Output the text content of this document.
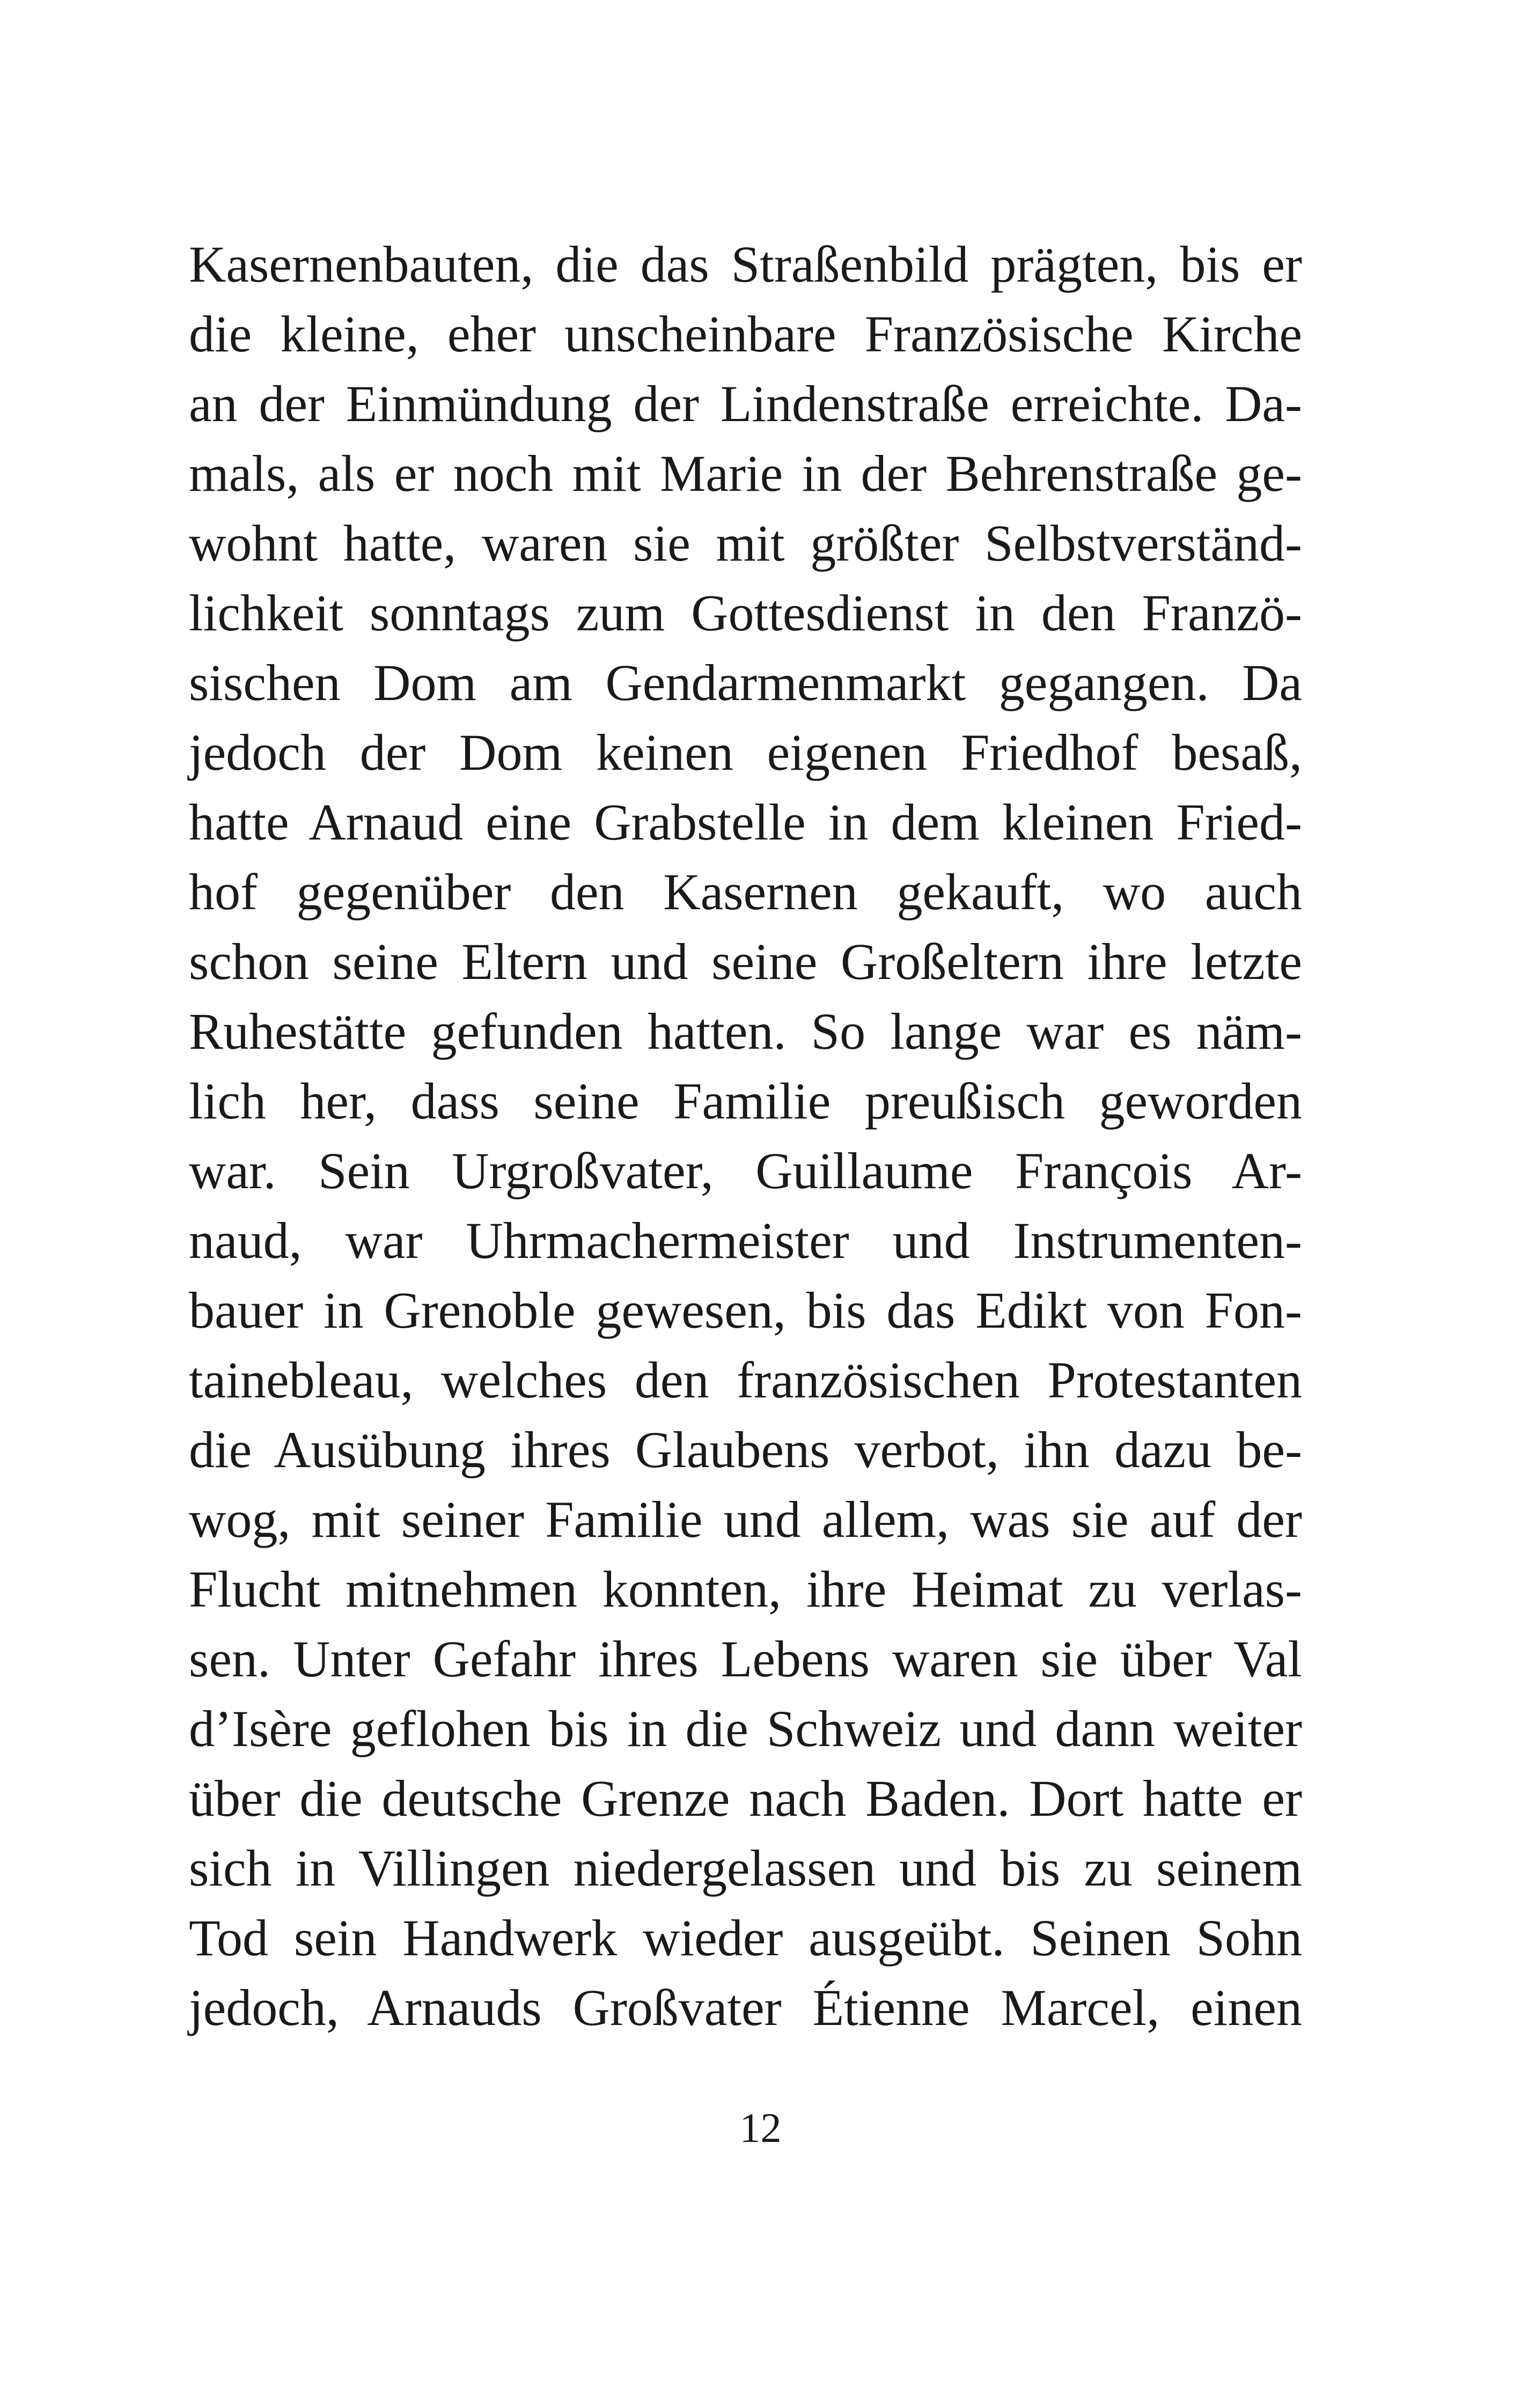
Kasernenbauten, die das Straßenbild prägten, bis er
die kleine, eher unscheinbare Französische Kirche
an der Einmündung der Lindenstraße erreichte. Da-
mals, als er noch mit Marie in der Behrenstraße ge-
wohnt hatte, waren sie mit größter Selbstverständ-
lichkeit sonntags zum Gottesdienst in den Franzö-
sischen Dom am Gendarmenmarkt gegangen. Da
jedoch der Dom keinen eigenen Friedhof besaß,
hatte Arnaud eine Grabstelle in dem kleinen Fried-
hof gegenüber den Kasernen gekauft, wo auch
schon seine Eltern und seine Großeltern ihre letzte
Ruhestätte gefunden hatten. So lange war es näm-
lich her, dass seine Familie preußisch geworden
war. Sein Urgroßvater, Guillaume François Ar-
naud, war Uhrmachermeister und Instrumenten-
bauer in Grenoble gewesen, bis das Edikt von Fon-
tainebleau, welches den französischen Protestanten
die Ausübung ihres Glaubens verbot, ihn dazu be-
wog, mit seiner Familie und allem, was sie auf der
Flucht mitnehmen konnten, ihre Heimat zu verlas-
sen. Unter Gefahr ihres Lebens waren sie über Val
d’Isère geflohen bis in die Schweiz und dann weiter
über die deutsche Grenze nach Baden. Dort hatte er
sich in Villingen niedergelassen und bis zu seinem
Tod sein Handwerk wieder ausgeübt. Seinen Sohn
jedoch, Arnauds Großvater Étienne Marcel, einen
12
